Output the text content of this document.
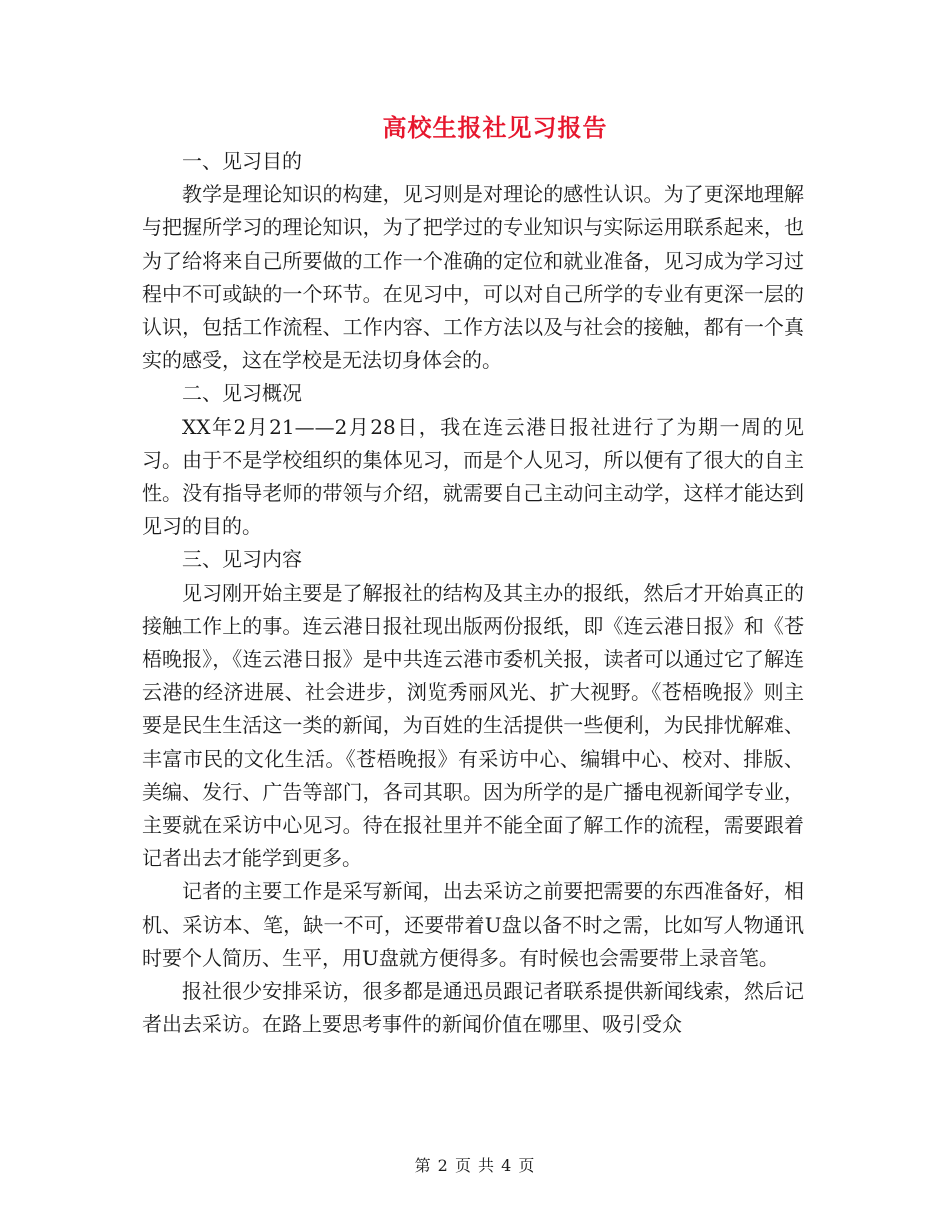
高校生报社见习报告

一、见习目的

教学是理论知识的构建，见习则是对理论的感性认识。为了更深地理解与把握所学习的理论知识，为了把学过的专业知识与实际运用联系起来，也为了给将来自己所要做的工作一个准确的定位和就业准备，见习成为学习过程中不可或缺的一个环节。在见习中，可以对自己所学的专业有更深一层的认识，包括工作流程、工作内容、工作方法以及与社会的接触，都有一个真实的感受，这在学校是无法切身体会的。

二、见习概况

XX年2月21——2月28日，我在连云港日报社进行了为期一周的见习。由于不是学校组织的集体见习，而是个人见习，所以便有了很大的自主性。没有指导老师的带领与介绍，就需要自己主动问主动学，这样才能达到见习的目的。

三、见习内容

见习刚开始主要是了解报社的结构及其主办的报纸，然后才开始真正的接触工作上的事。连云港日报社现出版两份报纸，即《连云港日报》和《苍梧晚报》，《连云港日报》是中共连云港市委机关报，读者可以通过它了解连云港的经济进展、社会进步，浏览秀丽风光、扩大视野。《苍梧晚报》则主要是民生生活这一类的新闻，为百姓的生活提供一些便利，为民排忧解难、丰富市民的文化生活。《苍梧晚报》有采访中心、编辑中心、校对、排版、美编、发行、广告等部门，各司其职。因为所学的是广播电视新闻学专业，主要就在采访中心见习。待在报社里并不能全面了解工作的流程，需要跟着记者出去才能学到更多。

记者的主要工作是采写新闻，出去采访之前要把需要的东西准备好，相机、采访本、笔，缺一不可，还要带着U盘以备不时之需，比如写人物通讯时要个人简历、生平，用U盘就方便得多。有时候也会需要带上录音笔。

报社很少安排采访，很多都是通迅员跟记者联系提供新闻线索，然后记者出去采访。在路上要思考事件的新闻价值在哪里、吸引受众

第 2 页 共 4 页
